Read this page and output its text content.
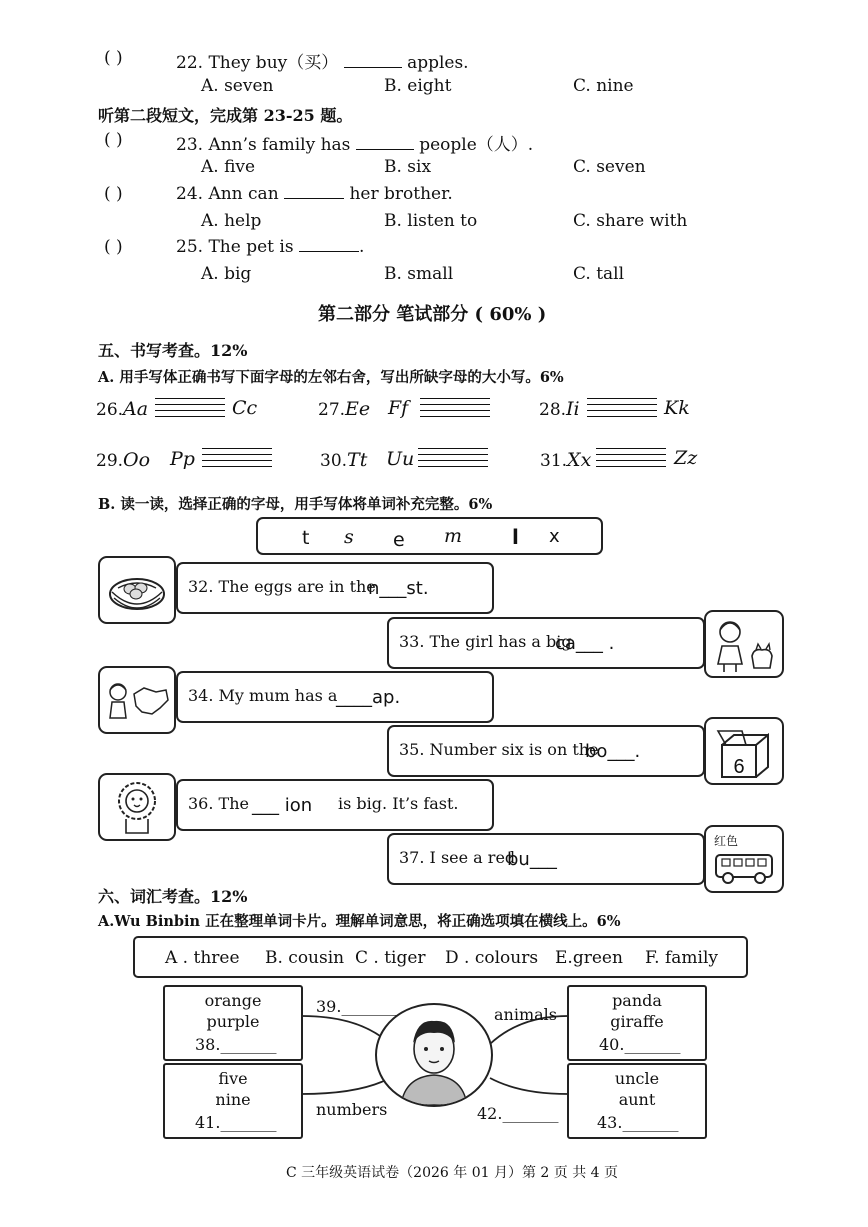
( )	22. They buy（买）	apples.
A. seven	B. eight	C. nine
听第二段短文，完成第 23-25 题。
( )	23. Ann’s family has	people（人）.
A. five	B. six	C. seven
( )	24. Ann can	her brother.
A. help	B. listen to	C. share with
( )	25. The pet is	.
A. big	B. small	C. tall
第二部分 笔试部分 ( 60% )
五、书写考查。12%
A. 用手写体正确书写下面字母的左邻右舍，写出所缺字母的大小写。6%
26.Aa	Cc	27.Ee Ff	28.Ii	Kk
29.Oo Pp	30.Tt Uu	31.Xx	Zz
B. 读一读，选择正确的字母，用手写体将单词补充完整。6%
t s e m l x
32. The eggs are in the
n___st.
33. The girl has a big
ca___ .
34. My mum has a
____ap.
35. Number six is on the
bo___.
6
36. The ___ ion is big. It’s fast.
37. I see a red
bu___
红色
六、词汇考查。12%
A.Wu Binbin 正在整理单词卡片。理解单词意思，将正确选项填在横线上。6%
A . three B. cousin C . tiger D . colours E.green F. family
orange
purple
38._______
39._______	animals
panda
giraffe
40._______
five
nine
41._______
numbers	42._______
uncle
aunt
43._______
C 三年级英语试卷（2026 年 01 月）第 2 页 共 4 页
